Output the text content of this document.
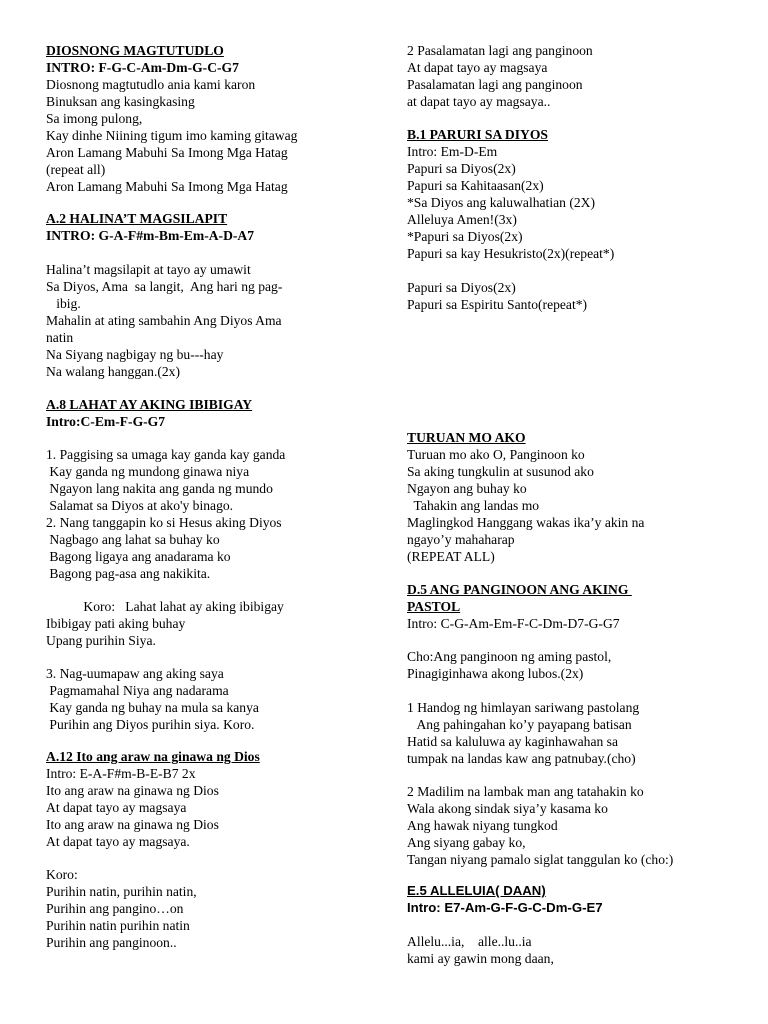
DIOSNONG MAGTUTUDLO
INTRO: F-G-C-Am-Dm-G-C-G7
Diosnong magtutudlo ania kami karon
Binuksan ang kasingkasing
Sa imong pulong,
Kay dinhe Niining tigum imo kaming gitawag
Aron Lamang Mabuhi Sa Imong Mga Hatag
(repeat all)
Aron Lamang Mabuhi Sa Imong Mga Hatag
A.2 HALINA’T MAGSILAPIT
INTRO: G-A-F#m-Bm-Em-A-D-A7
Halina’t magsilapit at tayo ay umawit
Sa Diyos, Ama  sa langit,  Ang hari ng pag-
ibig.
Mahalin at ating sambahin Ang Diyos Ama
natin
Na Siyang nagbigay ng bu---hay
Na walang hanggan.(2x)
A.8 LAHAT AY AKING IBIBIGAY
Intro:C-Em-F-G-G7
1. Paggising sa umaga kay ganda kay ganda
Kay ganda ng mundong ginawa niya
Ngayon lang nakita ang ganda ng mundo
Salamat sa Diyos at ako'y binago.
2. Nang tanggapin ko si Hesus aking Diyos
Nagbago ang lahat sa buhay ko
Bagong ligaya ang anadarama ko
Bagong pag-asa ang nakikita.
Koro:   Lahat lahat ay aking ibibigay
Ibibigay pati aking buhay
Upang purihin Siya.
3. Nag-uumapaw ang aking saya
Pagmamahal Niya ang nadarama
Kay ganda ng buhay na mula sa kanya
Purihin ang Diyos purihin siya. Koro.
A.12 Ito ang araw na ginawa ng Dios
Intro: E-A-F#m-B-E-B7 2x
Ito ang araw na ginawa ng Dios
At dapat tayo ay magsaya
Ito ang araw na ginawa ng Dios
At dapat tayo ay magsaya.
Koro:
Purihin natin, purihin natin,
Purihin ang pangino…on
Purihin natin purihin natin
Purihin ang panginoon..
2 Pasalamatan lagi ang panginoon
At dapat tayo ay magsaya
Pasalamatan lagi ang panginoon
at dapat tayo ay magsaya..
B.1 PARURI SA DIYOS
Intro: Em-D-Em
Papuri sa Diyos(2x)
Papuri sa Kahitaasan(2x)
*Sa Diyos ang kaluwalhatian (2X)
Alleluya Amen!(3x)
*Papuri sa Diyos(2x)
Papuri sa kay Hesukristo(2x)(repeat*)
Papuri sa Diyos(2x)
Papuri sa Espiritu Santo(repeat*)
TURUAN MO AKO
Turuan mo ako O, Panginoon ko
Sa aking tungkulin at susunod ako
Ngayon ang buhay ko
Tahakin ang landas mo
Maglingkod Hanggang wakas ika’y akin na
ngayo’y mahaharap
(REPEAT ALL)
D.5 ANG PANGINOON ANG AKING
PASTOL
Intro: C-G-Am-Em-F-C-Dm-D7-G-G7
Cho:Ang panginoon ng aming pastol,
Pinagiginhawa akong lubos.(2x)
1 Handog ng himlayan sariwang pastolang
Ang pahingahan ko’y payapang batisan
Hatid sa kaluluwa ay kaginhawahan sa
tumpak na landas kaw ang patnubay.(cho)
2 Madilim na lambak man ang tatahakin ko
Wala akong sindak siya’y kasama ko
Ang hawak niyang tungkod
Ang siyang gabay ko,
Tangan niyang pamalo siglat tanggulan ko (cho:)
E.5 ALLELUIA( DAAN)
Intro: E7-Am-G-F-G-C-Dm-G-E7
Allelu...ia,    alle..lu..ia
kami ay gawin mong daan,
